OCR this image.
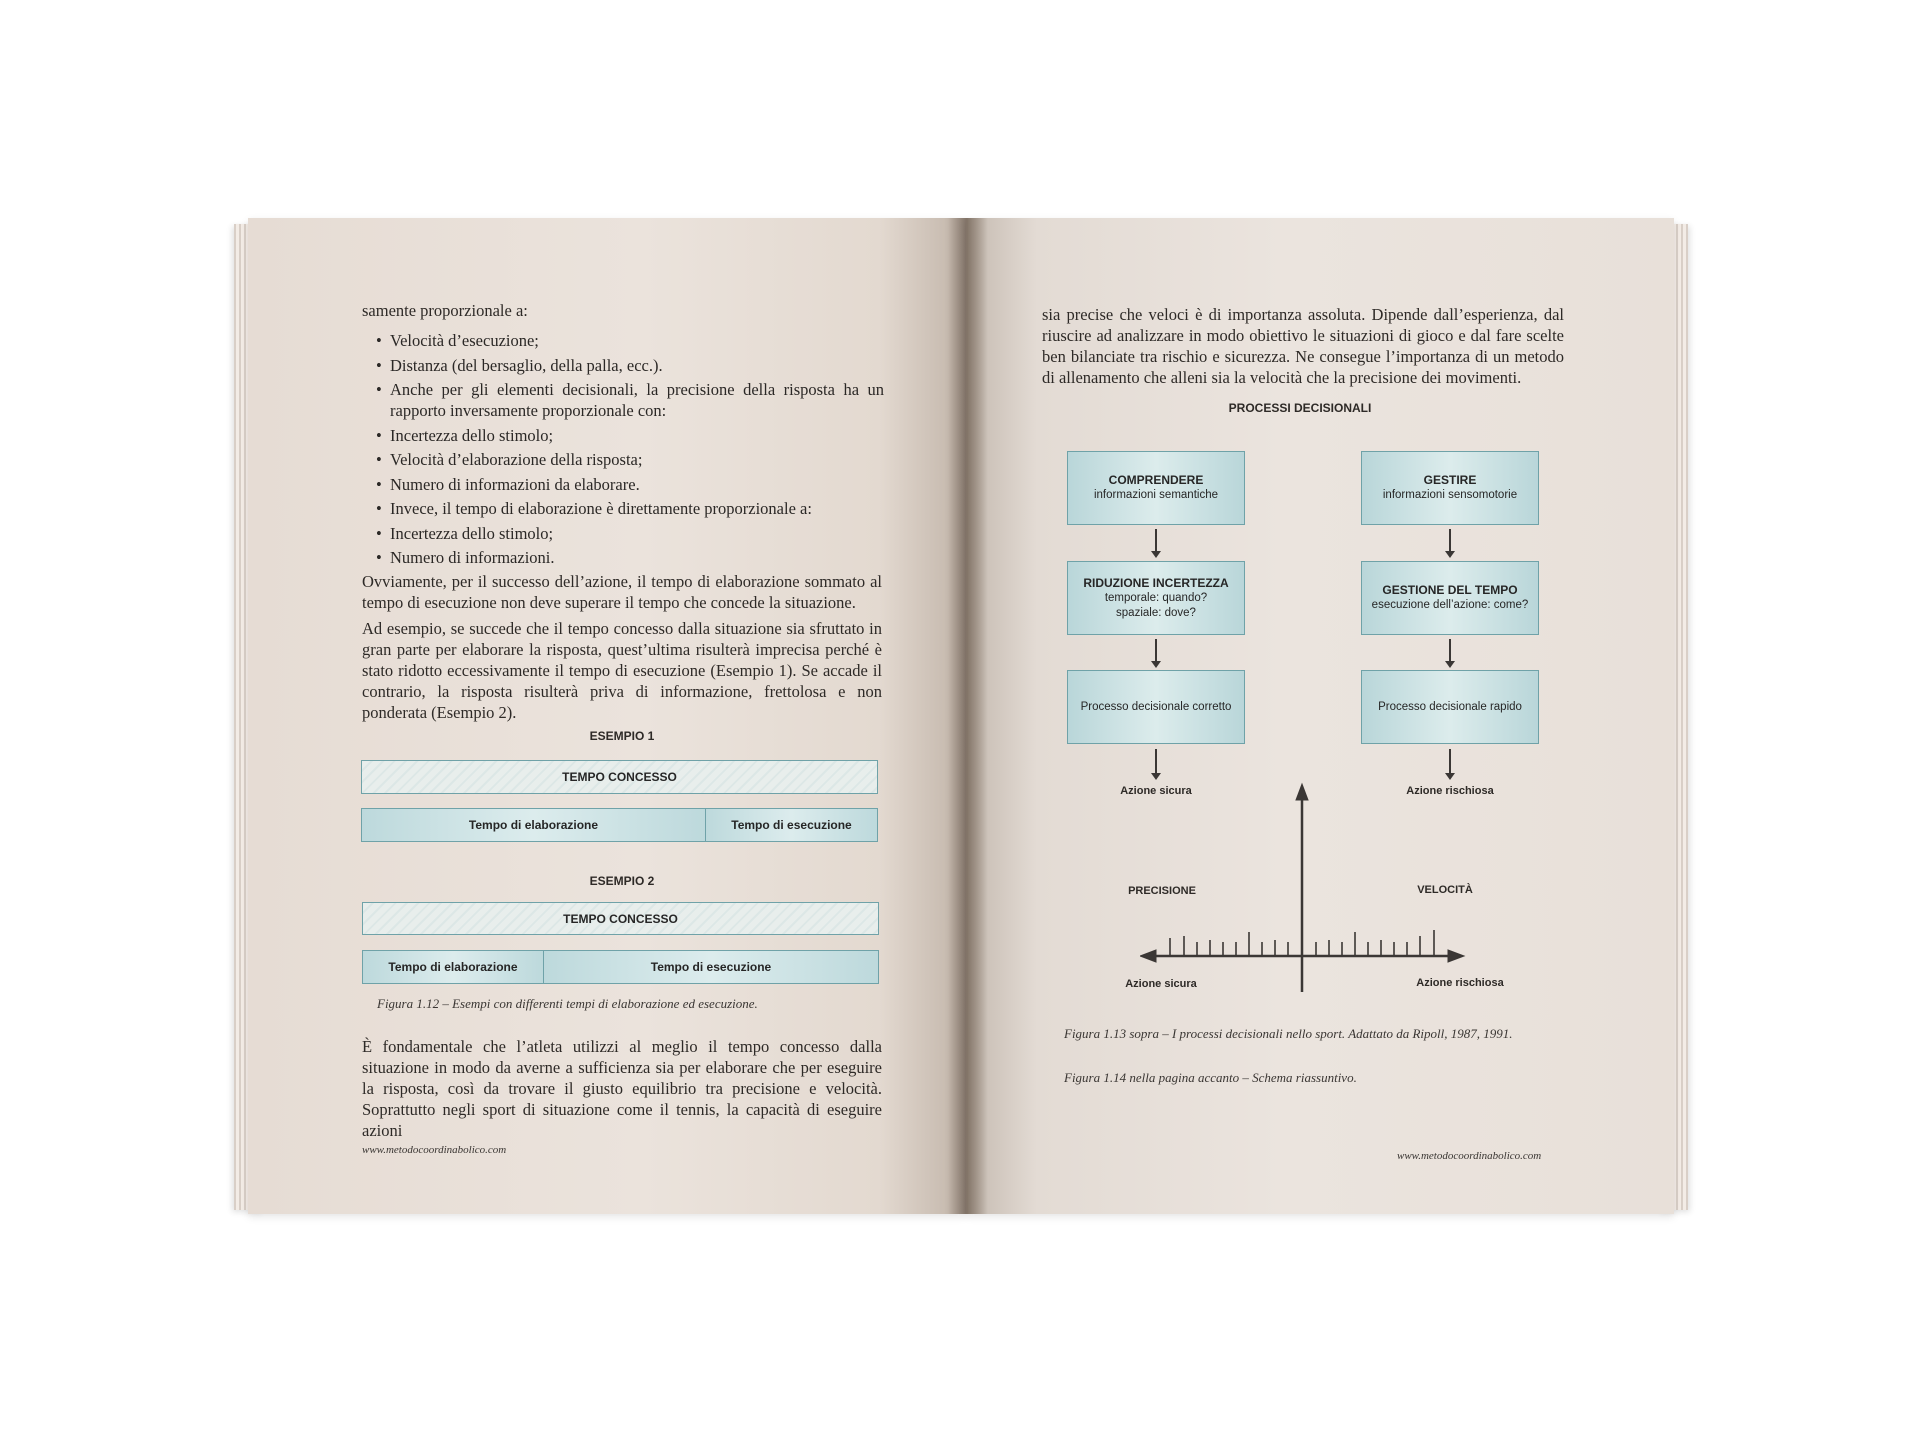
samente proporzionale a:
• Velocità d’esecuzione;
• Distanza (del bersaglio, della palla, ecc.).
• Anche per gli elementi decisionali, la precisione della risposta ha un rapporto inversamente proporzionale con:
• Incertezza dello stimolo;
• Velocità d’elaborazione della risposta;
• Numero di informazioni da elaborare.
• Invece, il tempo di elaborazione è direttamente proporzionale a:
• Incertezza dello stimolo;
• Numero di informazioni.
Ovviamente, per il successo dell’azione, il tempo di elaborazione sommato al tempo di esecuzione non deve superare il tempo che concede la situazione.
Ad esempio, se succede che il tempo concesso dalla situazione sia sfruttato in gran parte per elaborare la risposta, quest’ultima risulterà imprecisa perché è stato ridotto eccessivamente il tempo di esecuzione (Esempio 1). Se accade il contrario, la risposta risulterà priva di informazione, frettolosa e non ponderata (Esempio 2).
ESEMPIO 1
TEMPO CONCESSO
Tempo di elaborazione	Tempo di esecuzione
ESEMPIO 2
TEMPO CONCESSO
Tempo di elaborazione	Tempo di esecuzione
Figura 1.12 – Esempi con differenti tempi di elaborazione ed esecuzione.
È fondamentale che l’atleta utilizzi al meglio il tempo concesso dalla situazione in modo da averne a sufficienza sia per elaborare che per eseguire la risposta, così da trovare il giusto equilibrio tra precisione e velocità. Soprattutto negli sport di situazione come il tennis, la capacità di eseguire azioni
www.metodocoordinabolico.com
sia precise che veloci è di importanza assoluta. Dipende dall’esperienza, dal riuscire ad analizzare in modo obiettivo le situazioni di gioco e dal fare scelte ben bilanciate tra rischio e sicurezza. Ne consegue l’importanza di un metodo di allenamento che alleni sia la velocità che la precisione dei movimenti.
PROCESSI DECISIONALI
COMPRENDERE
informazioni semantiche
RIDUZIONE INCERTEZZA
temporale: quando?
spaziale: dove?
Processo decisionale corretto
Azione sicura
GESTIRE
informazioni sensomotorie
GESTIONE DEL TEMPO
esecuzione dell’azione: come?
Processo decisionale rapido
Azione rischiosa
PRECISIONE	VELOCITÀ
Azione sicura	Azione rischiosa
Figura 1.13 sopra – I processi decisionali nello sport. Adattato da Ripoll, 1987, 1991.
Figura 1.14 nella pagina accanto – Schema riassuntivo.
www.metodocoordinabolico.com
